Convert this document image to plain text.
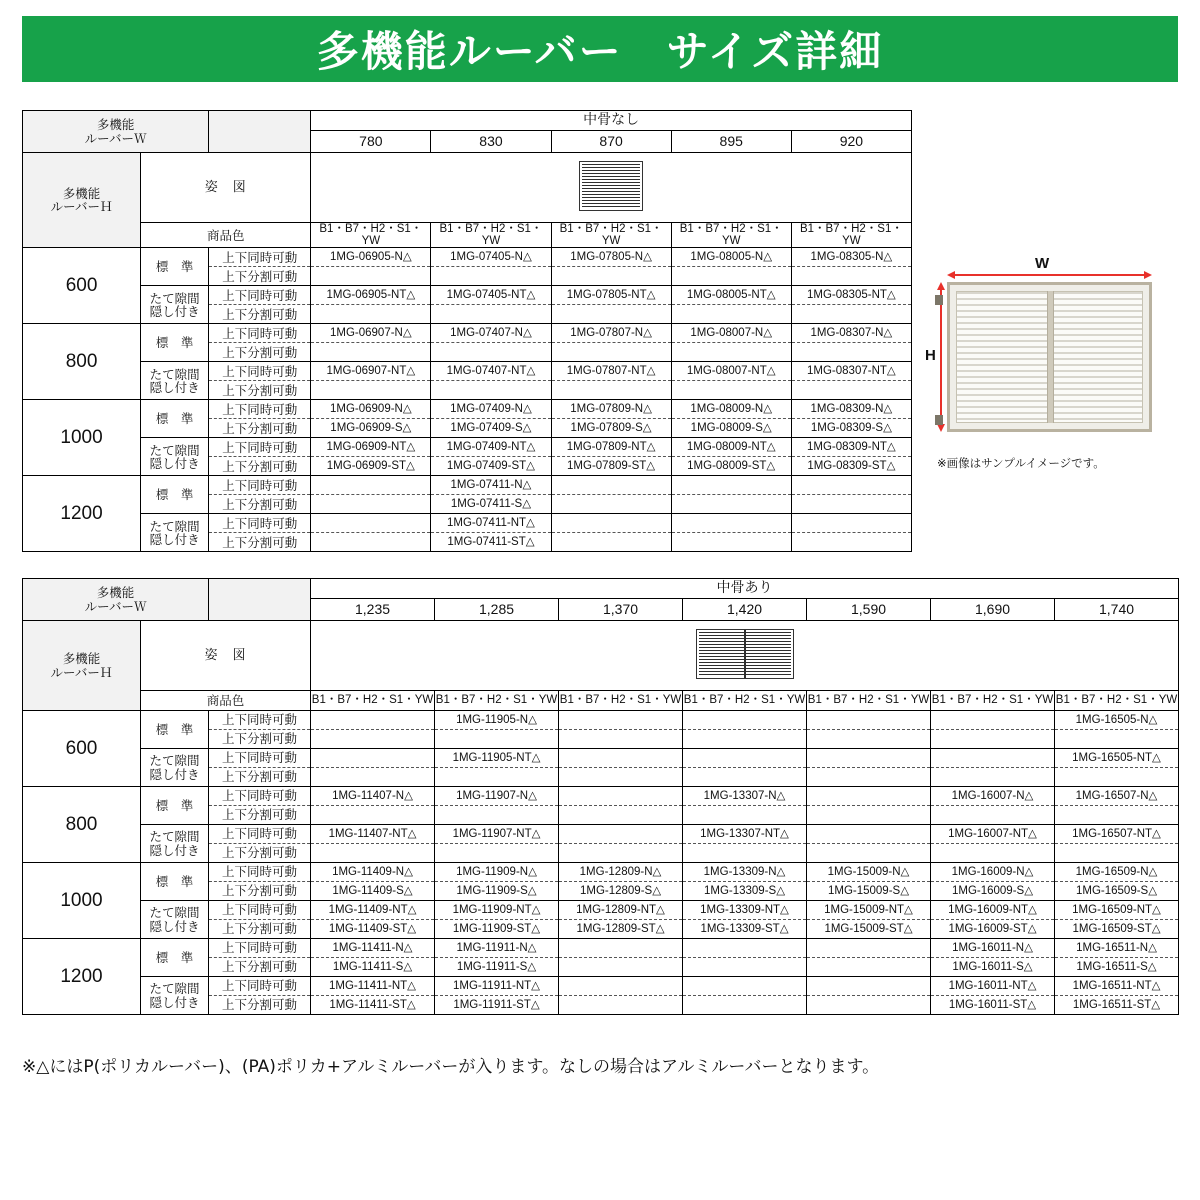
多機能ルーバー　サイズ詳細
多機能
ルーバーＷ			中骨なし				
			780	830	870	895	920

多機能
ルーバーＨ	姿　図						

	商品色		B1・B7・H2・S1・YW	B1・B7・H2・S1・YW	B1・B7・H2・S1・YW	B1・B7・H2・S1・YW	B1・B7・H2・S1・YW
600	標　準	上下同時可動	1MG-06905-N△	1MG-07405-N△	1MG-07805-N△	1MG-08005-N△	1MG-08305-N△
		上下分割可動					

	たて隙間
隠し付き	上下同時可動	1MG-06905-NT△	1MG-07405-NT△	1MG-07805-NT△	1MG-08005-NT△	1MG-08305-NT△
		上下分割可動					
800	標　準	上下同時可動	1MG-06907-N△	1MG-07407-N△	1MG-07807-N△	1MG-08007-N△	1MG-08307-N△
		上下分割可動					

	たて隙間
隠し付き	上下同時可動	1MG-06907-NT△	1MG-07407-NT△	1MG-07807-NT△	1MG-08007-NT△	1MG-08307-NT△
		上下分割可動					
1000	標　準	上下同時可動	1MG-06909-N△	1MG-07409-N△	1MG-07809-N△	1MG-08009-N△	1MG-08309-N△
		上下分割可動	1MG-06909-S△	1MG-07409-S△	1MG-07809-S△	1MG-08009-S△	1MG-08309-S△

	たて隙間
隠し付き	上下同時可動	1MG-06909-NT△	1MG-07409-NT△	1MG-07809-NT△	1MG-08009-NT△	1MG-08309-NT△
		上下分割可動	1MG-06909-ST△	1MG-07409-ST△	1MG-07809-ST△	1MG-08009-ST△	1MG-08309-ST△
1200	標　準	上下同時可動		1MG-07411-N△			
		上下分割可動		1MG-07411-S△			

	たて隙間
隠し付き	上下同時可動		1MG-07411-NT△			
		上下分割可動		1MG-07411-ST△			
W
H
※画像はサンプルイメージです。
多機能
ルーバーＷ			中骨あり						
			1,235	1,285	1,370	1,420	1,590	1,690	1,740

多機能
ルーバーＨ	姿　図								

	商品色		B1・B7・H2・S1・YW	B1・B7・H2・S1・YW	B1・B7・H2・S1・YW	B1・B7・H2・S1・YW	B1・B7・H2・S1・YW	B1・B7・H2・S1・YW	B1・B7・H2・S1・YW
600	標　準	上下同時可動		1MG-11905-N△					1MG-16505-N△
		上下分割可動							

	たて隙間
隠し付き	上下同時可動		1MG-11905-NT△					1MG-16505-NT△
		上下分割可動							
800	標　準	上下同時可動	1MG-11407-N△	1MG-11907-N△		1MG-13307-N△		1MG-16007-N△	1MG-16507-N△
		上下分割可動							

	たて隙間
隠し付き	上下同時可動	1MG-11407-NT△	1MG-11907-NT△		1MG-13307-NT△		1MG-16007-NT△	1MG-16507-NT△
		上下分割可動							
1000	標　準	上下同時可動	1MG-11409-N△	1MG-11909-N△	1MG-12809-N△	1MG-13309-N△	1MG-15009-N△	1MG-16009-N△	1MG-16509-N△
		上下分割可動	1MG-11409-S△	1MG-11909-S△	1MG-12809-S△	1MG-13309-S△	1MG-15009-S△	1MG-16009-S△	1MG-16509-S△

	たて隙間
隠し付き	上下同時可動	1MG-11409-NT△	1MG-11909-NT△	1MG-12809-NT△	1MG-13309-NT△	1MG-15009-NT△	1MG-16009-NT△	1MG-16509-NT△
		上下分割可動	1MG-11409-ST△	1MG-11909-ST△	1MG-12809-ST△	1MG-13309-ST△	1MG-15009-ST△	1MG-16009-ST△	1MG-16509-ST△
1200	標　準	上下同時可動	1MG-11411-N△	1MG-11911-N△				1MG-16011-N△	1MG-16511-N△
		上下分割可動	1MG-11411-S△	1MG-11911-S△				1MG-16011-S△	1MG-16511-S△

	たて隙間
隠し付き	上下同時可動	1MG-11411-NT△	1MG-11911-NT△				1MG-16011-NT△	1MG-16511-NT△
		上下分割可動	1MG-11411-ST△	1MG-11911-ST△				1MG-16011-ST△	1MG-16511-ST△
※△にはP(ポリカルーバー)、(PA)ポリカ+アルミルーバーが入ります。なしの場合はアルミルーバーとなります。
